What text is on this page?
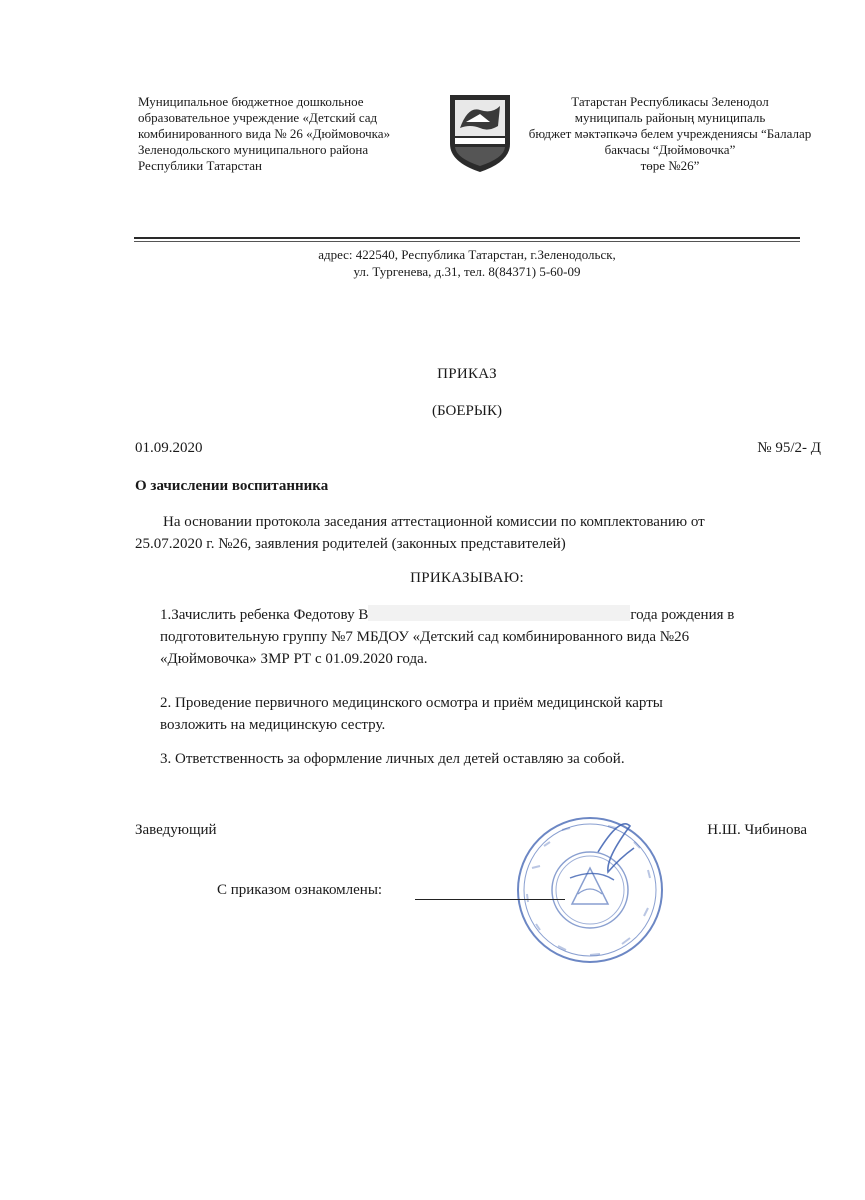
Муниципальное бюджетное дошкольное
образовательное учреждение «Детский сад
комбинированного вида № 26 «Дюймовочка»
Зеленодольского муниципального района
Республики Татарстан
Татарстан Республикасы Зеленодол
муниципаль районың муниципаль
бюджет мәктәпкәчә белем учреждениясы “Балалар
бакчасы “Дюймовочка”
төре №26”
адрес: 422540, Республика Татарстан, г.Зеленодольск,
ул. Тургенева, д.31, тел. 8(84371) 5-60-09
ПРИКАЗ
(БОЕРЫК)
01.09.2020	№ 95/2- Д
О зачислении воспитанника
На основании протокола заседания аттестационной комиссии по комплектованию от
25.07.2020 г. №26, заявления родителей (законных представителей)
ПРИКАЗЫВАЮ:
1.Зачислить ребенка Федотову В	года рождения в
подготовительную группу №7 МБДОУ «Детский сад комбинированного вида №26
«Дюймовочка» ЗМР РТ с 01.09.2020 года.
2. Проведение первичного медицинского осмотра и приём медицинской карты
возложить на медицинскую сестру.
3. Ответственность за оформление личных дел детей оставляю за собой.
Заведующий	Н.Ш. Чибинова
С приказом ознакомлены:
